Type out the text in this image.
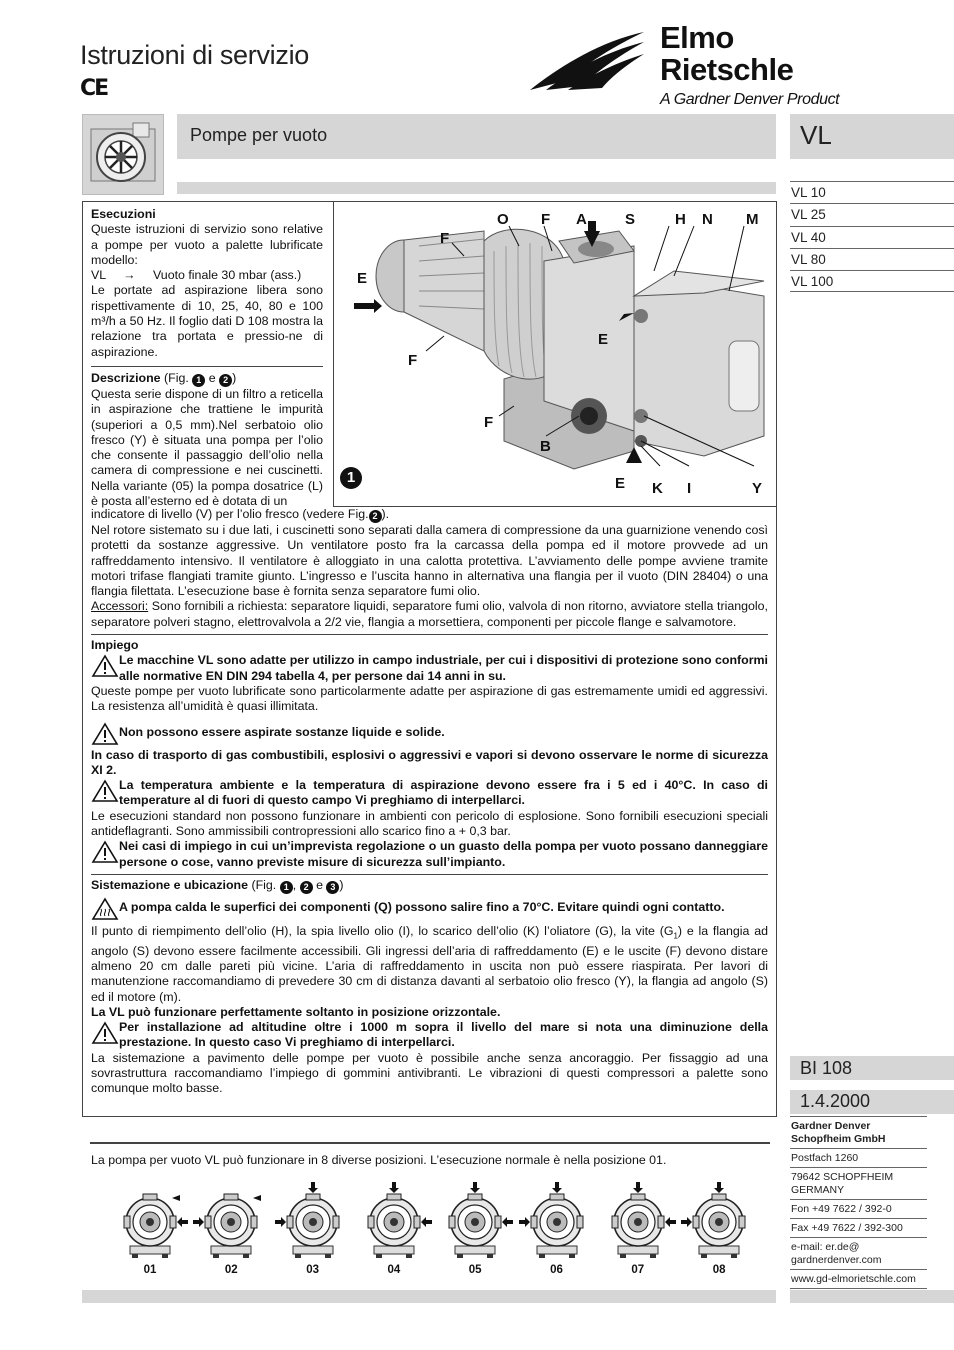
Istruzioni di servizio
CE
Elmo
Rietschle
A Gardner Denver Product
Pompe per vuoto	VL
VL 10
VL 25
VL 40
VL 80
VL 100
O F A	S	H N M
F
E
E
F
F
B
E K I	Y
1
Esecuzioni
Queste istruzioni di servizio sono relative a pompe per vuoto a palette lubrificate modello:
VL → Vuoto finale 30 mbar (ass.)
Le portate ad aspirazione libera sono rispettivamente di 10, 25, 40, 80 e 100 m³/h a 50 Hz. Il foglio dati D 108 mostra la relazione tra portata e pressio-ne di aspirazione.
Descrizione (Fig. 1 e 2 )
Questa serie dispone di un filtro a reticella in aspirazione che trattiene le impurità (superiori a 0,5 mm).Nel serbatoio olio fresco (Y) è situata una pompa per l’olio che consente il passaggio dell’olio nella camera di compressione e nei cuscinetti. Nella variante (05) la pompa dosatrice (L) è posta all’esterno ed è dotata di un
indicatore di livello (V) per l’olio fresco (vedere Fig. 2 ).
Nel rotore sistemato su i due lati, i cuscinetti sono separati dalla camera di compressione da una guarnizione venendo così protetti da sostanze aggressive. Un ventilatore posto fra la carcassa della pompa ed il motore provvede ad un raffreddamento intensivo. Il ventilatore è alloggiato in una calotta protettiva. L’avviamento delle pompe avviene tramite motori trifase flangiati tramite giunto. L’ingresso e l’uscita hanno in alternativa una flangia per il vuoto (DIN 28404) o una flangia filettata. L’esecuzione base è fornita senza separatore fumi olio.
Accessori: Sono fornibili a richiesta: separatore liquidi, separatore fumi olio, valvola di non ritorno, avviatore stella triangolo, separatore polveri stagno, elettrovalvola a 2/2 vie, flangia a morsettiera, componenti per piccole flange e salvamotore.
Impiego
Le macchine VL sono adatte per utilizzo in campo industriale, per cui i dispositivi di protezione sono conformi alle normative EN DIN 294 tabella 4, per persone dai 14 anni in su.
Queste pompe per vuoto lubrificate sono particolarmente adatte per aspirazione di gas estremamente umidi ed aggressivi. La resistenza all’umidità è quasi illimitata.
Non possono essere aspirate sostanze liquide e solide.
In caso di trasporto di gas combustibili, esplosivi o aggressivi e vapori si devono osservare le norme di sicurezza XI 2.
La temperatura ambiente e la temperatura di aspirazione devono essere fra i 5 ed i 40°C. In caso di temperature al di fuori di questo campo Vi preghiamo di interpellarci.
Le esecuzioni standard non possono funzionare in ambienti con pericolo di esplosione. Sono fornibili esecuzioni speciali antideflagranti. Sono ammissibili contropressioni allo scarico fino a + 0,3 bar.
Nei casi di impiego in cui un’imprevista regolazione o un guasto della pompa per vuoto possano danneggiare persone o cose, vanno previste misure di sicurezza sull’impianto.
Sistemazione e ubicazione (Fig. 1 , 2 e 3 )
A pompa calda le superfici dei componenti (Q) possono salire fino a 70°C. Evitare quindi ogni contatto.
Il punto di riempimento dell’olio (H), la spia livello olio (I), lo scarico dell’olio (K) l’oliatore (G), la vite $(G_1)$ e la flangia ad angolo (S) devono essere facilmente accessibili. Gli ingressi dell’aria di raffreddamento (E) e le uscite (F) devono distare almeno 20 cm dalle pareti più vicine. L’aria di raffreddamento in uscita non può essere riaspirata. Per lavori di manutenzione raccomandiamo di prevedere 30 cm di distanza davanti al serbatoio olio fresco (Y), la flangia ad angolo (S) ed il motore (m).
La VL può funzionare perfettamente soltanto in posizione orizzontale.
Per installazione ad altitudine oltre i 1000 m sopra il livello del mare si nota una diminuzione della prestazione. In questo caso Vi preghiamo di interpellarci.
La sistemazione a pavimento delle pompe per vuoto è possibile anche senza ancoraggio. Per fissaggio ad una sovrastruttura raccomandiamo l’impiego di gommini antivibranti. Le vibrazioni di questi compressori a palette sono comunque molto basse.
La pompa per vuoto VL può funzionare in 8 diverse posizioni. L’esecuzione normale è nella posizione 01.
01	02	03	04	05	06	07	08
BI 108
1.4.2000
Gardner Denver Schopfheim GmbH
Postfach 1260
79642 SCHOPFHEIM GERMANY
Fon +49 7622 / 392-0
Fax +49 7622 / 392-300
e-mail: er.de@ gardnerdenver.com
www.gd-elmorietschle.com
